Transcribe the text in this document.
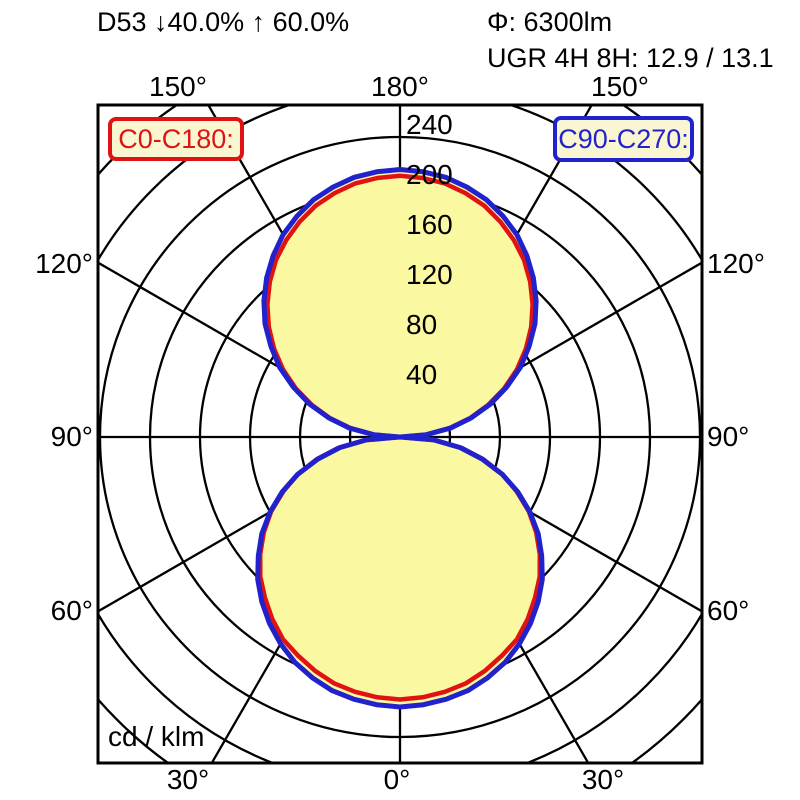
D53 ↓40.0% ↑ 60.0%	Φ: 6300lm
UGR 4H 8H: 12.9 / 13.1
240
200
160
120
80
40
150°	180°	150°
120°
90°
60°
120°
90°
60°
30°	0°	30°
cd / klm
C0-C180:	C90-C270:
